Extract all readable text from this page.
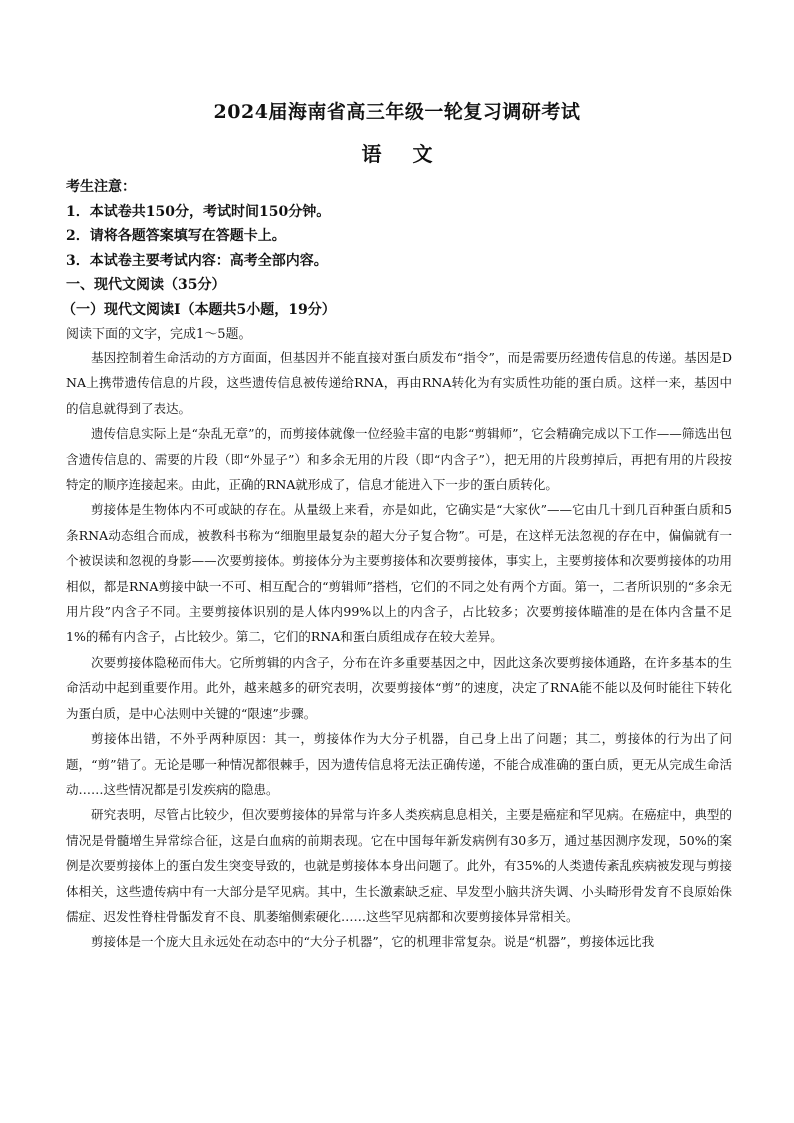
2024届海南省高三年级一轮复习调研考试
语 文
考生注意：
1．本试卷共150分，考试时间150分钟。
2．请将各题答案填写在答题卡上。
3．本试卷主要考试内容：高考全部内容。
一、现代文阅读（35分）
（一）现代文阅读Ⅰ（本题共5小题，19分）
阅读下面的文字，完成1～5题。

基因控制着生命活动的方方面面，但基因并不能直接对蛋白质发布“指令”，而是需要历经遗传信息的传递。基因是DNA上携带遗传信息的片段，这些遗传信息被传递给RNA，再由RNA转化为有实质性功能的蛋白质。这样一来，基因中的信息就得到了表达。

遗传信息实际上是“杂乱无章”的，而剪接体就像一位经验丰富的电影“剪辑师”，它会精确完成以下工作——筛选出包含遗传信息的、需要的片段（即“外显子”）和多余无用的片段（即“内含子”），把无用的片段剪掉后，再把有用的片段按特定的顺序连接起来。由此，正确的RNA就形成了，信息才能进入下一步的蛋白质转化。

剪接体是生物体内不可或缺的存在。从量级上来看，亦是如此，它确实是“大家伙”——它由几十到几百种蛋白质和5条RNA动态组合而成，被教科书称为“细胞里最复杂的超大分子复合物”。可是，在这样无法忽视的存在中，偏偏就有一个被误读和忽视的身影——次要剪接体。剪接体分为主要剪接体和次要剪接体，事实上，主要剪接体和次要剪接体的功用相似，都是RNA剪接中缺一不可、相互配合的“剪辑师”搭档，它们的不同之处有两个方面。第一，二者所识别的“多余无用片段”内含子不同。主要剪接体识别的是人体内99%以上的内含子，占比较多；次要剪接体瞄准的是在体内含量不足1%的稀有内含子，占比较少。第二，它们的RNA和蛋白质组成存在较大差异。

次要剪接体隐秘而伟大。它所剪辑的内含子，分布在许多重要基因之中，因此这条次要剪接体通路，在许多基本的生命活动中起到重要作用。此外，越来越多的研究表明，次要剪接体“剪”的速度，决定了RNA能不能以及何时能往下转化为蛋白质，是中心法则中关键的“限速”步骤。

剪接体出错，不外乎两种原因：其一，剪接体作为大分子机器，自己身上出了问题；其二，剪接体的行为出了问题，“剪”错了。无论是哪一种情况都很棘手，因为遗传信息将无法正确传递，不能合成准确的蛋白质，更无从完成生命活动……这些情况都是引发疾病的隐患。

研究表明，尽管占比较少，但次要剪接体的异常与许多人类疾病息息相关，主要是癌症和罕见病。在癌症中，典型的情况是骨髓增生异常综合征，这是白血病的前期表现。它在中国每年新发病例有30多万，通过基因测序发现，50%的案例是次要剪接体上的蛋白发生突变导致的，也就是剪接体本身出问题了。此外，有35%的人类遗传紊乱疾病被发现与剪接体相关，这些遗传病中有一大部分是罕见病。其中，生长激素缺乏症、早发型小脑共济失调、小头畸形骨发育不良原始侏儒症、迟发性脊柱骨骺发育不良、肌萎缩侧索硬化……这些罕见病都和次要剪接体异常相关。

剪接体是一个庞大且永远处在动态中的“大分子机器”，它的机理非常复杂。说是“机器”，剪接体远比我
